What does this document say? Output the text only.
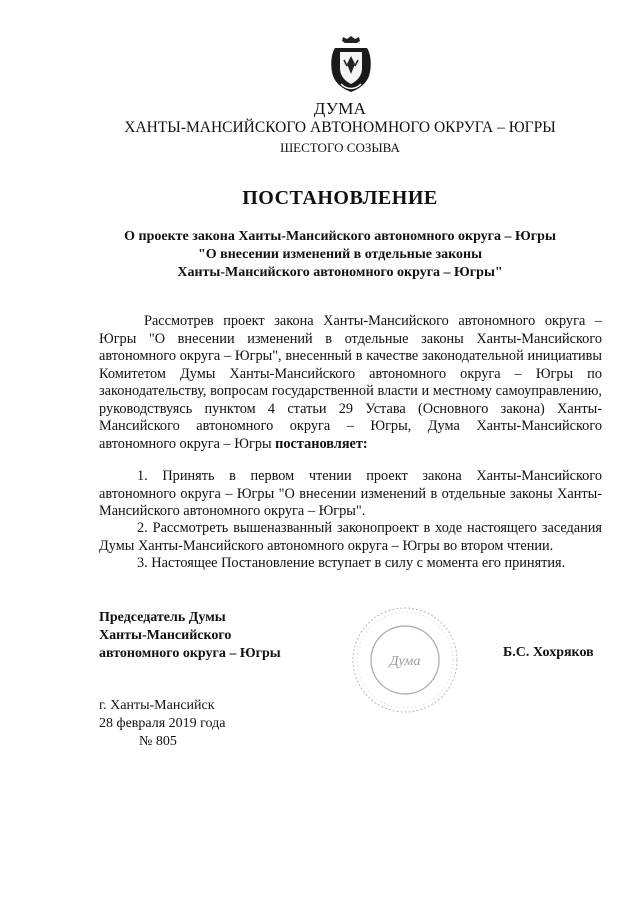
ДУМА
ХАНТЫ-МАНСИЙСКОГО АВТОНОМНОГО ОКРУГА – ЮГРЫ
ШЕСТОГО СОЗЫВА
ПОСТАНОВЛЕНИЕ
О проекте закона Ханты-Мансийского автономного округа – Югры
"О внесении изменений в отдельные законы
Ханты-Мансийского автономного округа – Югры"
Рассмотрев проект закона Ханты-Мансийского автономного округа – Югры "О внесении изменений в отдельные законы Ханты-Мансийского автономного округа – Югры", внесенный в качестве законодательной инициативы Комитетом Думы Ханты-Мансийского автономного округа – Югры по законодательству, вопросам государственной власти и местному самоуправлению, руководствуясь пунктом 4 статьи 29 Устава (Основного закона) Ханты-Мансийского автономного округа – Югры, Дума Ханты-Мансийского автономного округа – Югры постановляет:
1. Принять в первом чтении проект закона Ханты-Мансийского автономного округа – Югры "О внесении изменений в отдельные законы Ханты-Мансийского автономного округа – Югры".
2. Рассмотреть вышеназванный законопроект в ходе настоящего заседания Думы Ханты-Мансийского автономного округа – Югры во втором чтении.
3. Настоящее Постановление вступает в силу с момента его принятия.
Председатель Думы
Ханты-Мансийского
автономного округа – Югры
Дума
Б.С. Хохряков
г. Ханты-Мансийск
28 февраля 2019 года
№ 805
